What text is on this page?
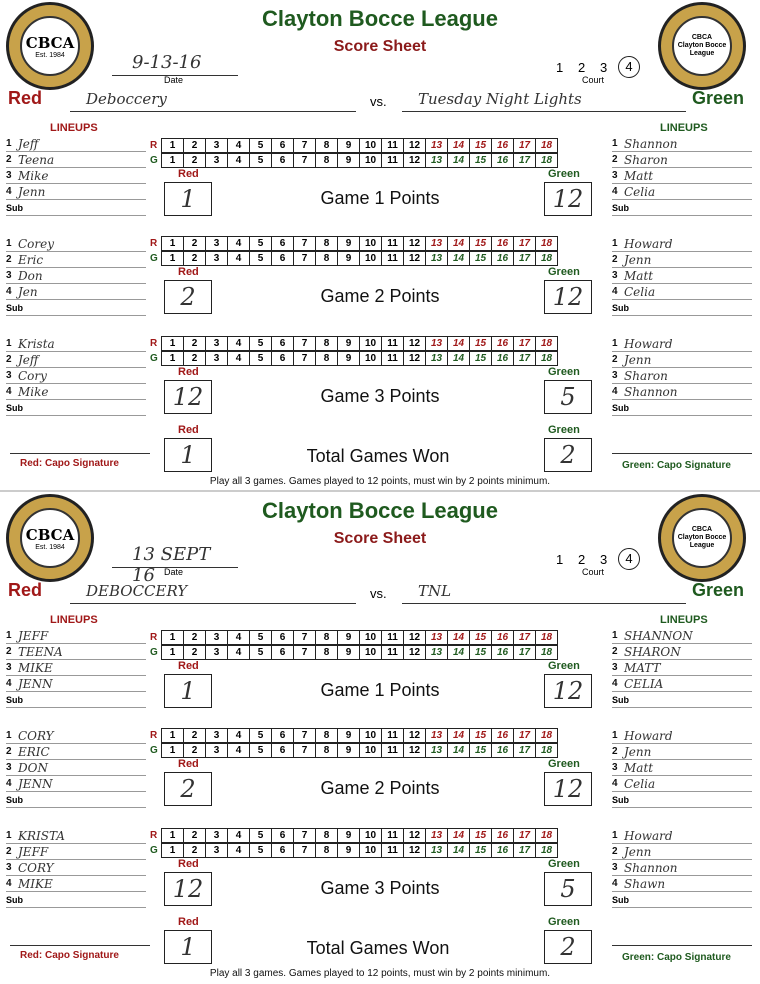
Clayton Bocce League
Score Sheet
CBCA
Est. 1984
CBCA
Clayton Bocce
League
9-13-16
Date
1 2 3	4
Court
Red	Deboccery	vs.	Tuesday Night Lights	Green
LINEUPS	LINEUPS
1 Jeff
2 Teena
3 Mike
4 Jenn
Sub
1 Shannon
2 Sharon
3 Matt
4 Celia
Sub
R	1	2	3	4	5	6	7	8	9	10	11	12	13	14	15	16	17	18
G	1	2	3	4	5	6	7	8	9	10	11	12	13	14	15	16	17	18
Red	Green
1	12
Game 1 Points
1 Corey
2 Eric
3 Don
4 Jen
Sub
1 Howard
2 Jenn
3 Matt
4 Celia
Sub
R	1	2	3	4	5	6	7	8	9	10	11	12	13	14	15	16	17	18
G	1	2	3	4	5	6	7	8	9	10	11	12	13	14	15	16	17	18
Red	Green
2	12
Game 2 Points
1 Krista
2 Jeff
3 Cory
4 Mike
Sub
1 Howard
2 Jenn
3 Sharon
4 Shannon
Sub
R	1	2	3	4	5	6	7	8	9	10	11	12	13	14	15	16	17	18
G	1	2	3	4	5	6	7	8	9	10	11	12	13	14	15	16	17	18
Red	Green
12	5
Game 3 Points
Red	Green
1	2
Total Games Won
Red: Capo Signature	Green: Capo Signature
Play all 3 games. Games played to 12 points, must win by 2 points minimum.
Clayton Bocce League
Score Sheet
CBCA
Est. 1984
CBCA
Clayton Bocce
League
13 SEPT 16	Date
1 2 3	4
Court
Red	DEBOCCERY	vs.	TNL	Green
LINEUPS	LINEUPS
1 JEFF
2 TEENA
3 MIKE
4 JENN
Sub
1 SHANNON
2 SHARON
3 MATT
4 CELIA
Sub
R	1	2	3	4	5	6	7	8	9	10	11	12	13	14	15	16	17	18
G	1	2	3	4	5	6	7	8	9	10	11	12	13	14	15	16	17	18
Red	Green
1	12
Game 1 Points
1 CORY
2 ERIC
3 DON
4 JENN
Sub
1 Howard
2 Jenn
3 Matt
4 Celia
Sub
R	1	2	3	4	5	6	7	8	9	10	11	12	13	14	15	16	17	18
G	1	2	3	4	5	6	7	8	9	10	11	12	13	14	15	16	17	18
Red	Green
2	12
Game 2 Points
1 KRISTA
2 JEFF
3 CORY
4 MIKE
Sub
1 Howard
2 Jenn
3 Shannon
4 Shawn
Sub
R	1	2	3	4	5	6	7	8	9	10	11	12	13	14	15	16	17	18
G	1	2	3	4	5	6	7	8	9	10	11	12	13	14	15	16	17	18
Red	Green
12	5
Game 3 Points
Red	Green
1	2
Total Games Won
Red: Capo Signature	Green: Capo Signature
Play all 3 games. Games played to 12 points, must win by 2 points minimum.
